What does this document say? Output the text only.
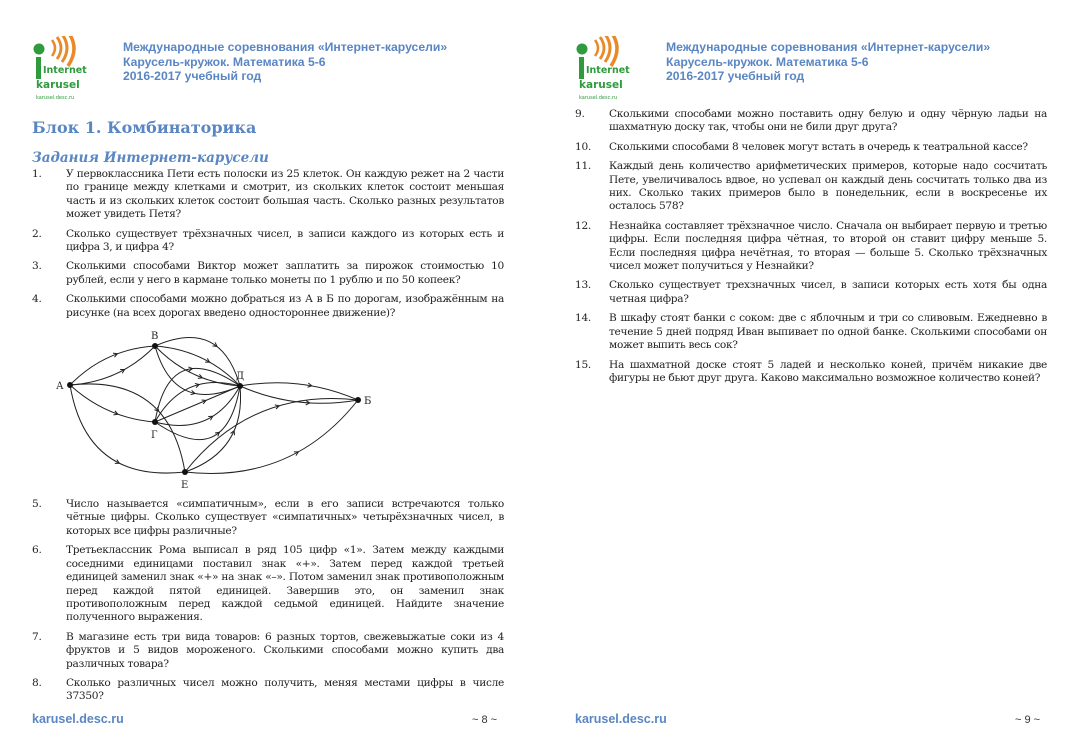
Internet
karusel
karusel.desc.ru
Международные соревнования «Интернет-карусели»
Карусель-кружок. Математика 5-6
2016-2017 учебный год
Блок 1. Комбинаторика
Задания Интернет-карусели
1. У первоклассника Пети есть полоски из 25 клеток. Он каждую режет на 2 части по границе между клетками и смотрит, из скольких клеток состоит меньшая часть и из скольких клеток состоит большая часть. Сколько разных результатов может увидеть Петя?
2. Сколько существует трёхзначных чисел, в записи каждого из которых есть и цифра 3, и цифра 4?
3. Сколькими способами Виктор может заплатить за пирожок стоимостью 10 рублей, если у него в кармане только монеты по 1 рублю и по 50 копеек?
4. Сколькими способами можно добраться из А в Б по дорогам, изображённым на рисунке (на всех дорогах введено одностороннее движение)?
А
В
Г
Д
Е
Б
5. Число называется «симпатичным», если в его записи встречаются только чётные цифры. Сколько существует «симпатичных» четырёхзначных чисел, в которых все цифры различные?
6. Третьеклассник Рома выписал в ряд 105 цифр «1». Затем между каждыми соседними единицами поставил знак «+». Затем перед каждой третьей единицей заменил знак «+» на знак «–». Потом заменил знак противоположным перед каждой пятой единицей. Завершив это, он заменил знак противоположным перед каждой седьмой единицей. Найдите значение полученного выражения.
7. В магазине есть три вида товаров: 6 разных тортов, свежевыжатые соки из 4 фруктов и 5 видов мороженого. Сколькими способами можно купить два различных товара?
8. Сколько различных чисел можно получить, меняя местами цифры в числе 37350?
karusel.desc.ru	~ 8 ~
Internet
karusel
karusel.desc.ru
Международные соревнования «Интернет-карусели»
Карусель-кружок. Математика 5-6
2016-2017 учебный год
9. Сколькими способами можно поставить одну белую и одну чёрную ладьи на шахматную доску так, чтобы они не били друг друга?
10. Сколькими способами 8 человек могут встать в очередь к театральной кассе?
11. Каждый день количество арифметических примеров, которые надо сосчитать Пете, увеличивалось вдвое, но успевал он каждый день сосчитать только два из них. Сколько таких примеров было в понедельник, если в воскресенье их осталось 578?
12. Незнайка составляет трёхзначное число. Сначала он выбирает первую и третью цифры. Если последняя цифра чётная, то второй он ставит цифру меньше 5. Если последняя цифра нечётная, то вторая — больше 5. Сколько трёхзначных чисел может получиться у Незнайки?
13. Сколько существует трехзначных чисел, в записи которых есть хотя бы одна четная цифра?
14. В шкафу стоят банки с соком: две с яблочным и три со сливовым. Ежедневно в течение 5 дней подряд Иван выпивает по одной банке. Сколькими способами он может выпить весь сок?
15. На шахматной доске стоят 5 ладей и несколько коней, причём никакие две фигуры не бьют друг друга. Каково максимально возможное количество коней?
karusel.desc.ru	~ 9 ~
